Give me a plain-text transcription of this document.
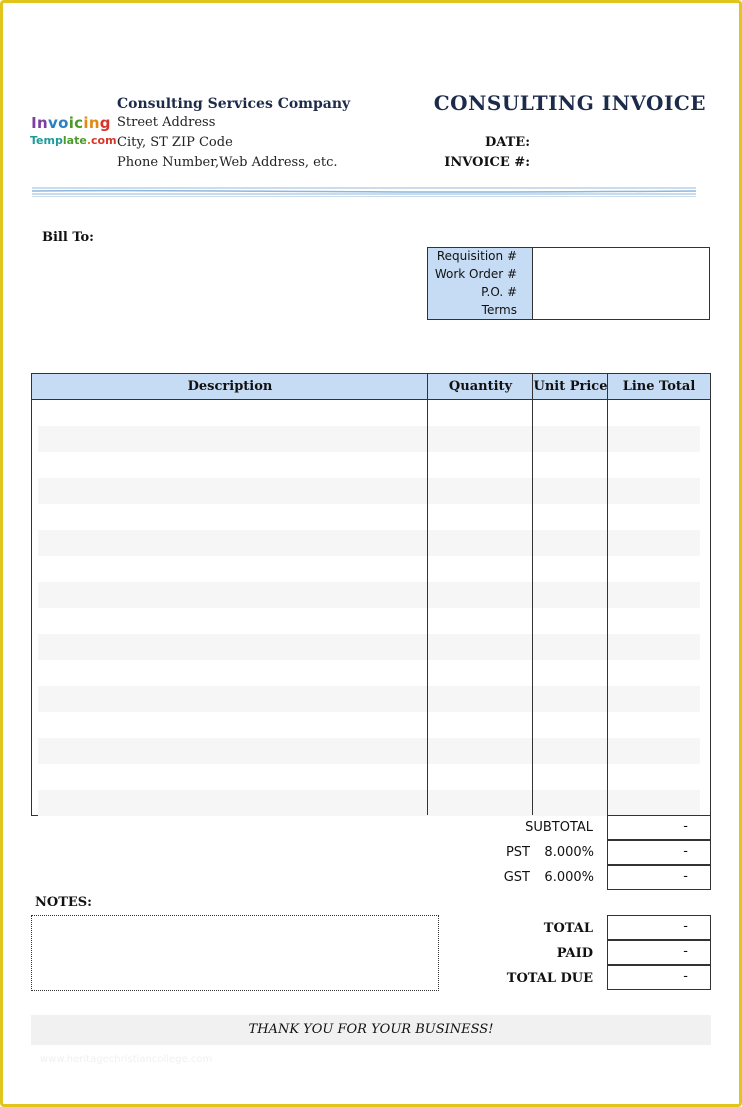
Invoicing
Template.com
Consulting Services Company
Street Address
City, ST ZIP Code
Phone Number,Web Address, etc.
CONSULTING INVOICE
DATE:
INVOICE #:
Bill To:
Requisition #
Work Order #
P.O. #
Terms
Description	Quantity	Unit Price	Line Total
SUBTOTAL	-
PST	8.000%	-
GST	6.000%	-
TOTAL	-
PAID	-
TOTAL DUE	-
NOTES:
THANK YOU FOR YOUR BUSINESS!
www.heritagechristiancollege.com
